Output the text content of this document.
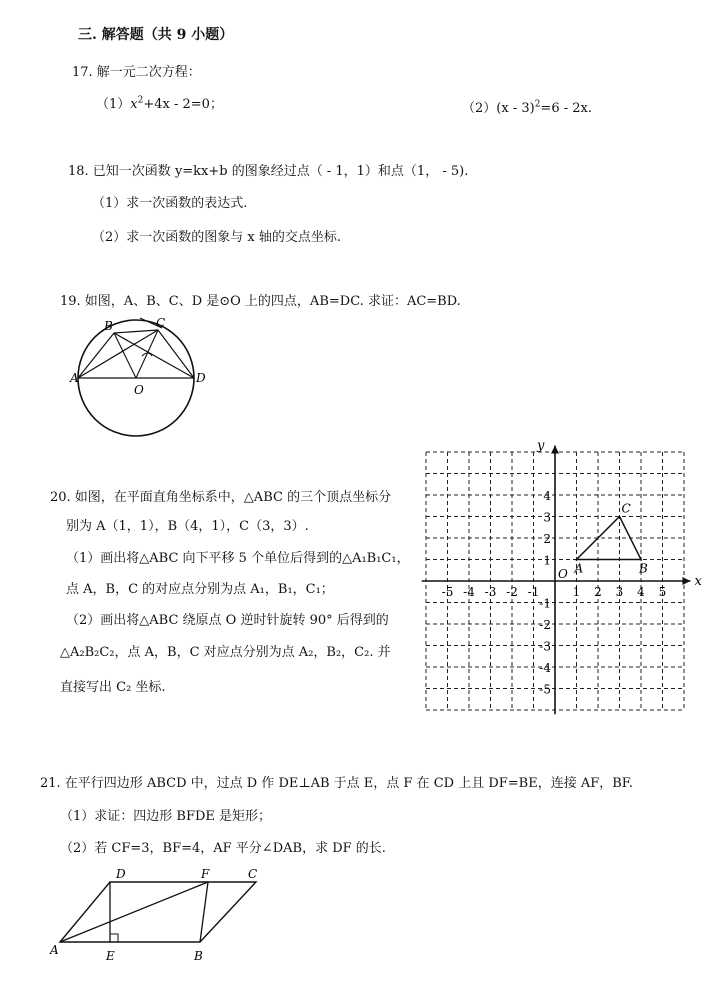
三. 解答题（共 9 小题）
17. 解一元二次方程：
$(1)x^2+4x - 2=0$；	（2）(x - 3)$^2$=6 - 2x.
18. 已知一次函数 y=kx+b 的图象经过点（ - 1，1）和点（1， - 5).
（1）求一次函数的表达式.
（2）求一次函数的图象与 x 轴的交点坐标.
19. 如图，A、B、C、D 是⊙O 上的四点，AB=DC. 求证：AC=BD.
A
B	C
D
O
20. 如图，在平面直角坐标系中，△ABC 的三个顶点坐标分
别为 A（1，1），B（4，1），C（3，3）.
（1）画出将△ABC 向下平移 5 个单位后得到的△A₁B₁C₁，
点 A，B，C 的对应点分别为点 A₁，B₁，C₁；
（2）画出将△ABC 绕原点 O 逆时针旋转 90° 后得到的
△A₂B₂C₂，点 A，B，C 对应点分别为点 A₂，B₂，C₂. 并
直接写出 C₂ 坐标.
-5 -4 -3 -2 -1	1 2 3 4 5
4
3
2
1
-1
-2
-3
-4
-5
A	B
C
x
y
O
21. 在平行四边形 ABCD 中，过点 D 作 DE⊥AB 于点 E，点 F 在 CD 上且 DF=BE，连接 AF，BF.
（1）求证：四边形 BFDE 是矩形；
（2）若 CF=3，BF=4，AF 平分∠DAB，求 DF 的长.
A	E	B
D	F	C
